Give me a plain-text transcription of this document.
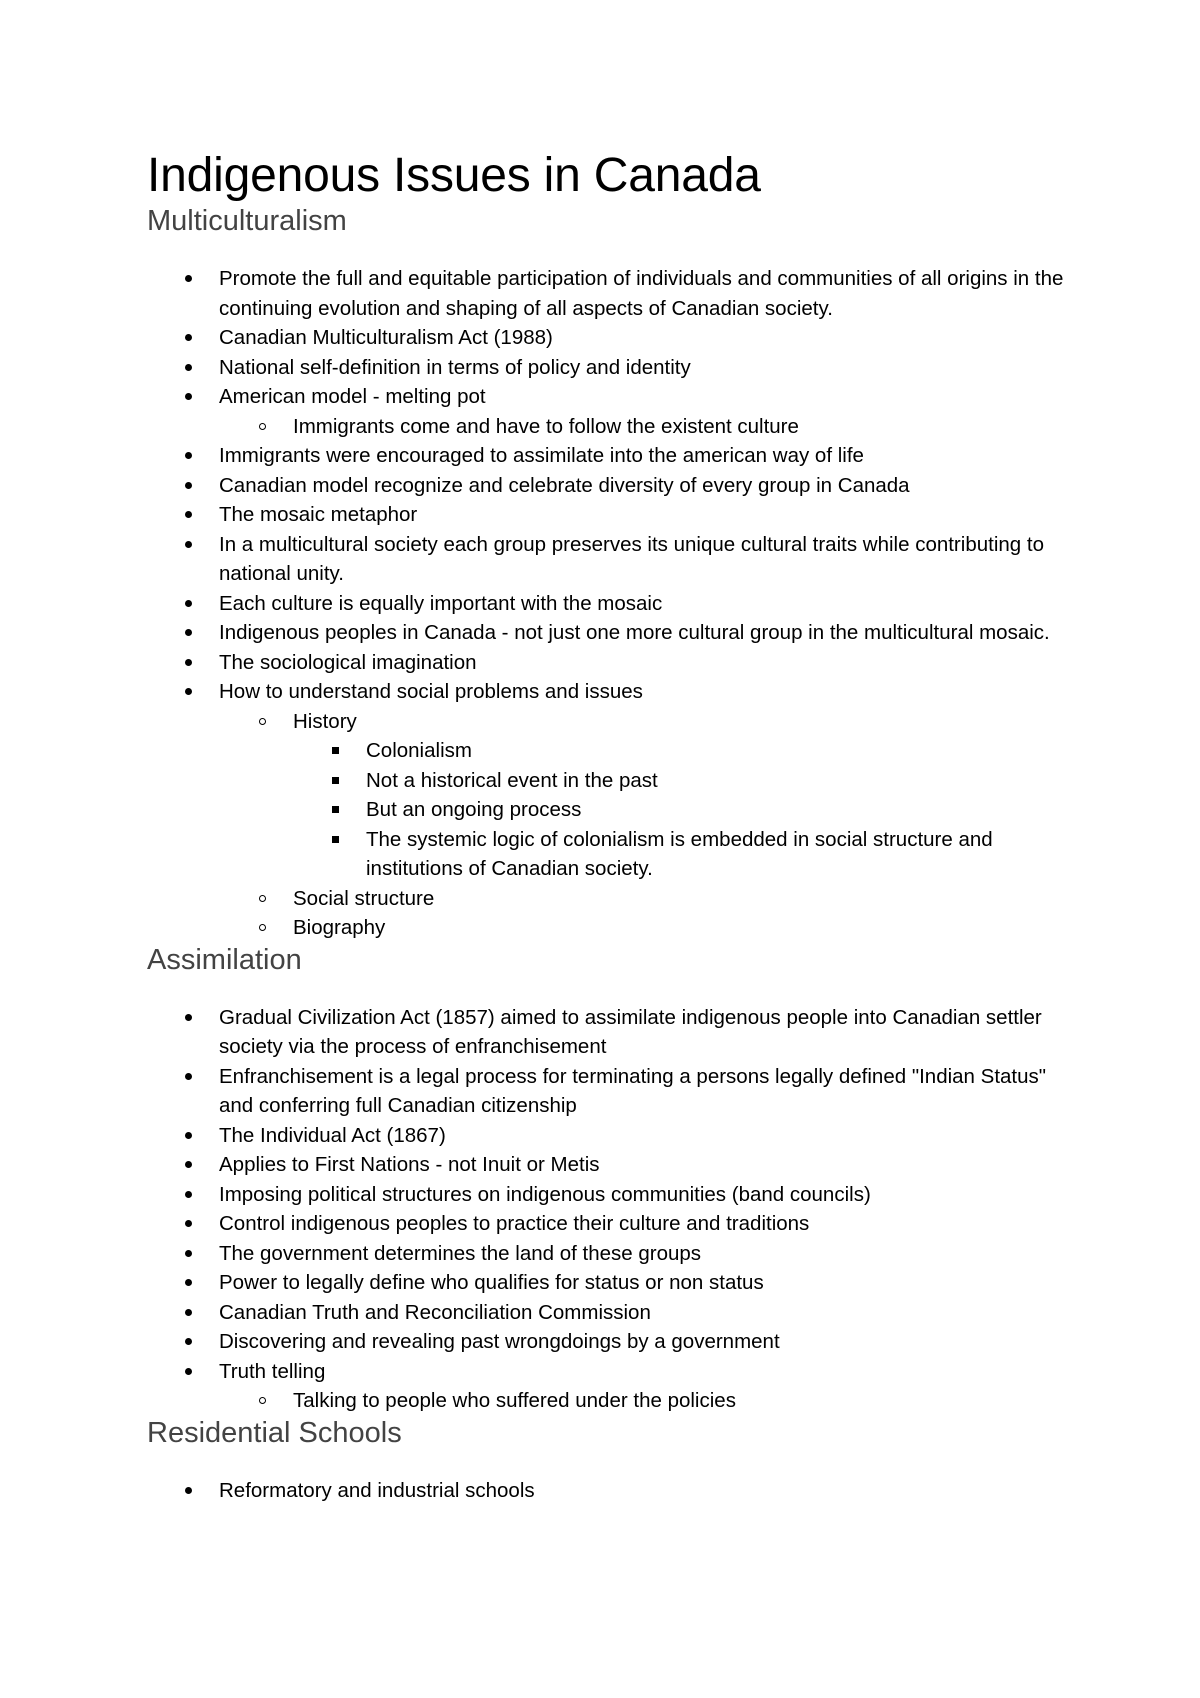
Indigenous Issues in Canada
Multiculturalism
Promote the full and equitable participation of individuals and communities of all origins in the continuing evolution and shaping of all aspects of Canadian society.
Canadian Multiculturalism Act (1988)
National self-definition in terms of policy and identity
American model - melting pot
Immigrants come and have to follow the existent culture
Immigrants were encouraged to assimilate into the american way of life
Canadian model recognize and celebrate diversity of every group in Canada
The mosaic metaphor
In a multicultural society each group preserves its unique cultural traits while contributing to national unity.
Each culture is equally important with the mosaic
Indigenous peoples in Canada - not just one more cultural group in the multicultural mosaic.
The sociological imagination
How to understand social problems and issues
History
Colonialism
Not a historical event in the past
But an ongoing process
The systemic logic of colonialism is embedded in social structure and institutions of Canadian society.
Social structure
Biography
Assimilation
Gradual Civilization Act (1857) aimed to assimilate indigenous people into Canadian settler society via the process of enfranchisement
Enfranchisement is a legal process for terminating a persons legally defined "Indian Status" and conferring full Canadian citizenship
The Individual Act (1867)
Applies to First Nations - not Inuit or Metis
Imposing political structures on indigenous communities (band councils)
Control indigenous peoples to practice their culture and traditions
The government determines the land of these groups
Power to legally define who qualifies for status or non status
Canadian Truth and Reconciliation Commission
Discovering and revealing past wrongdoings by a government
Truth telling
Talking to people who suffered under the policies
Residential Schools
Reformatory and industrial schools
